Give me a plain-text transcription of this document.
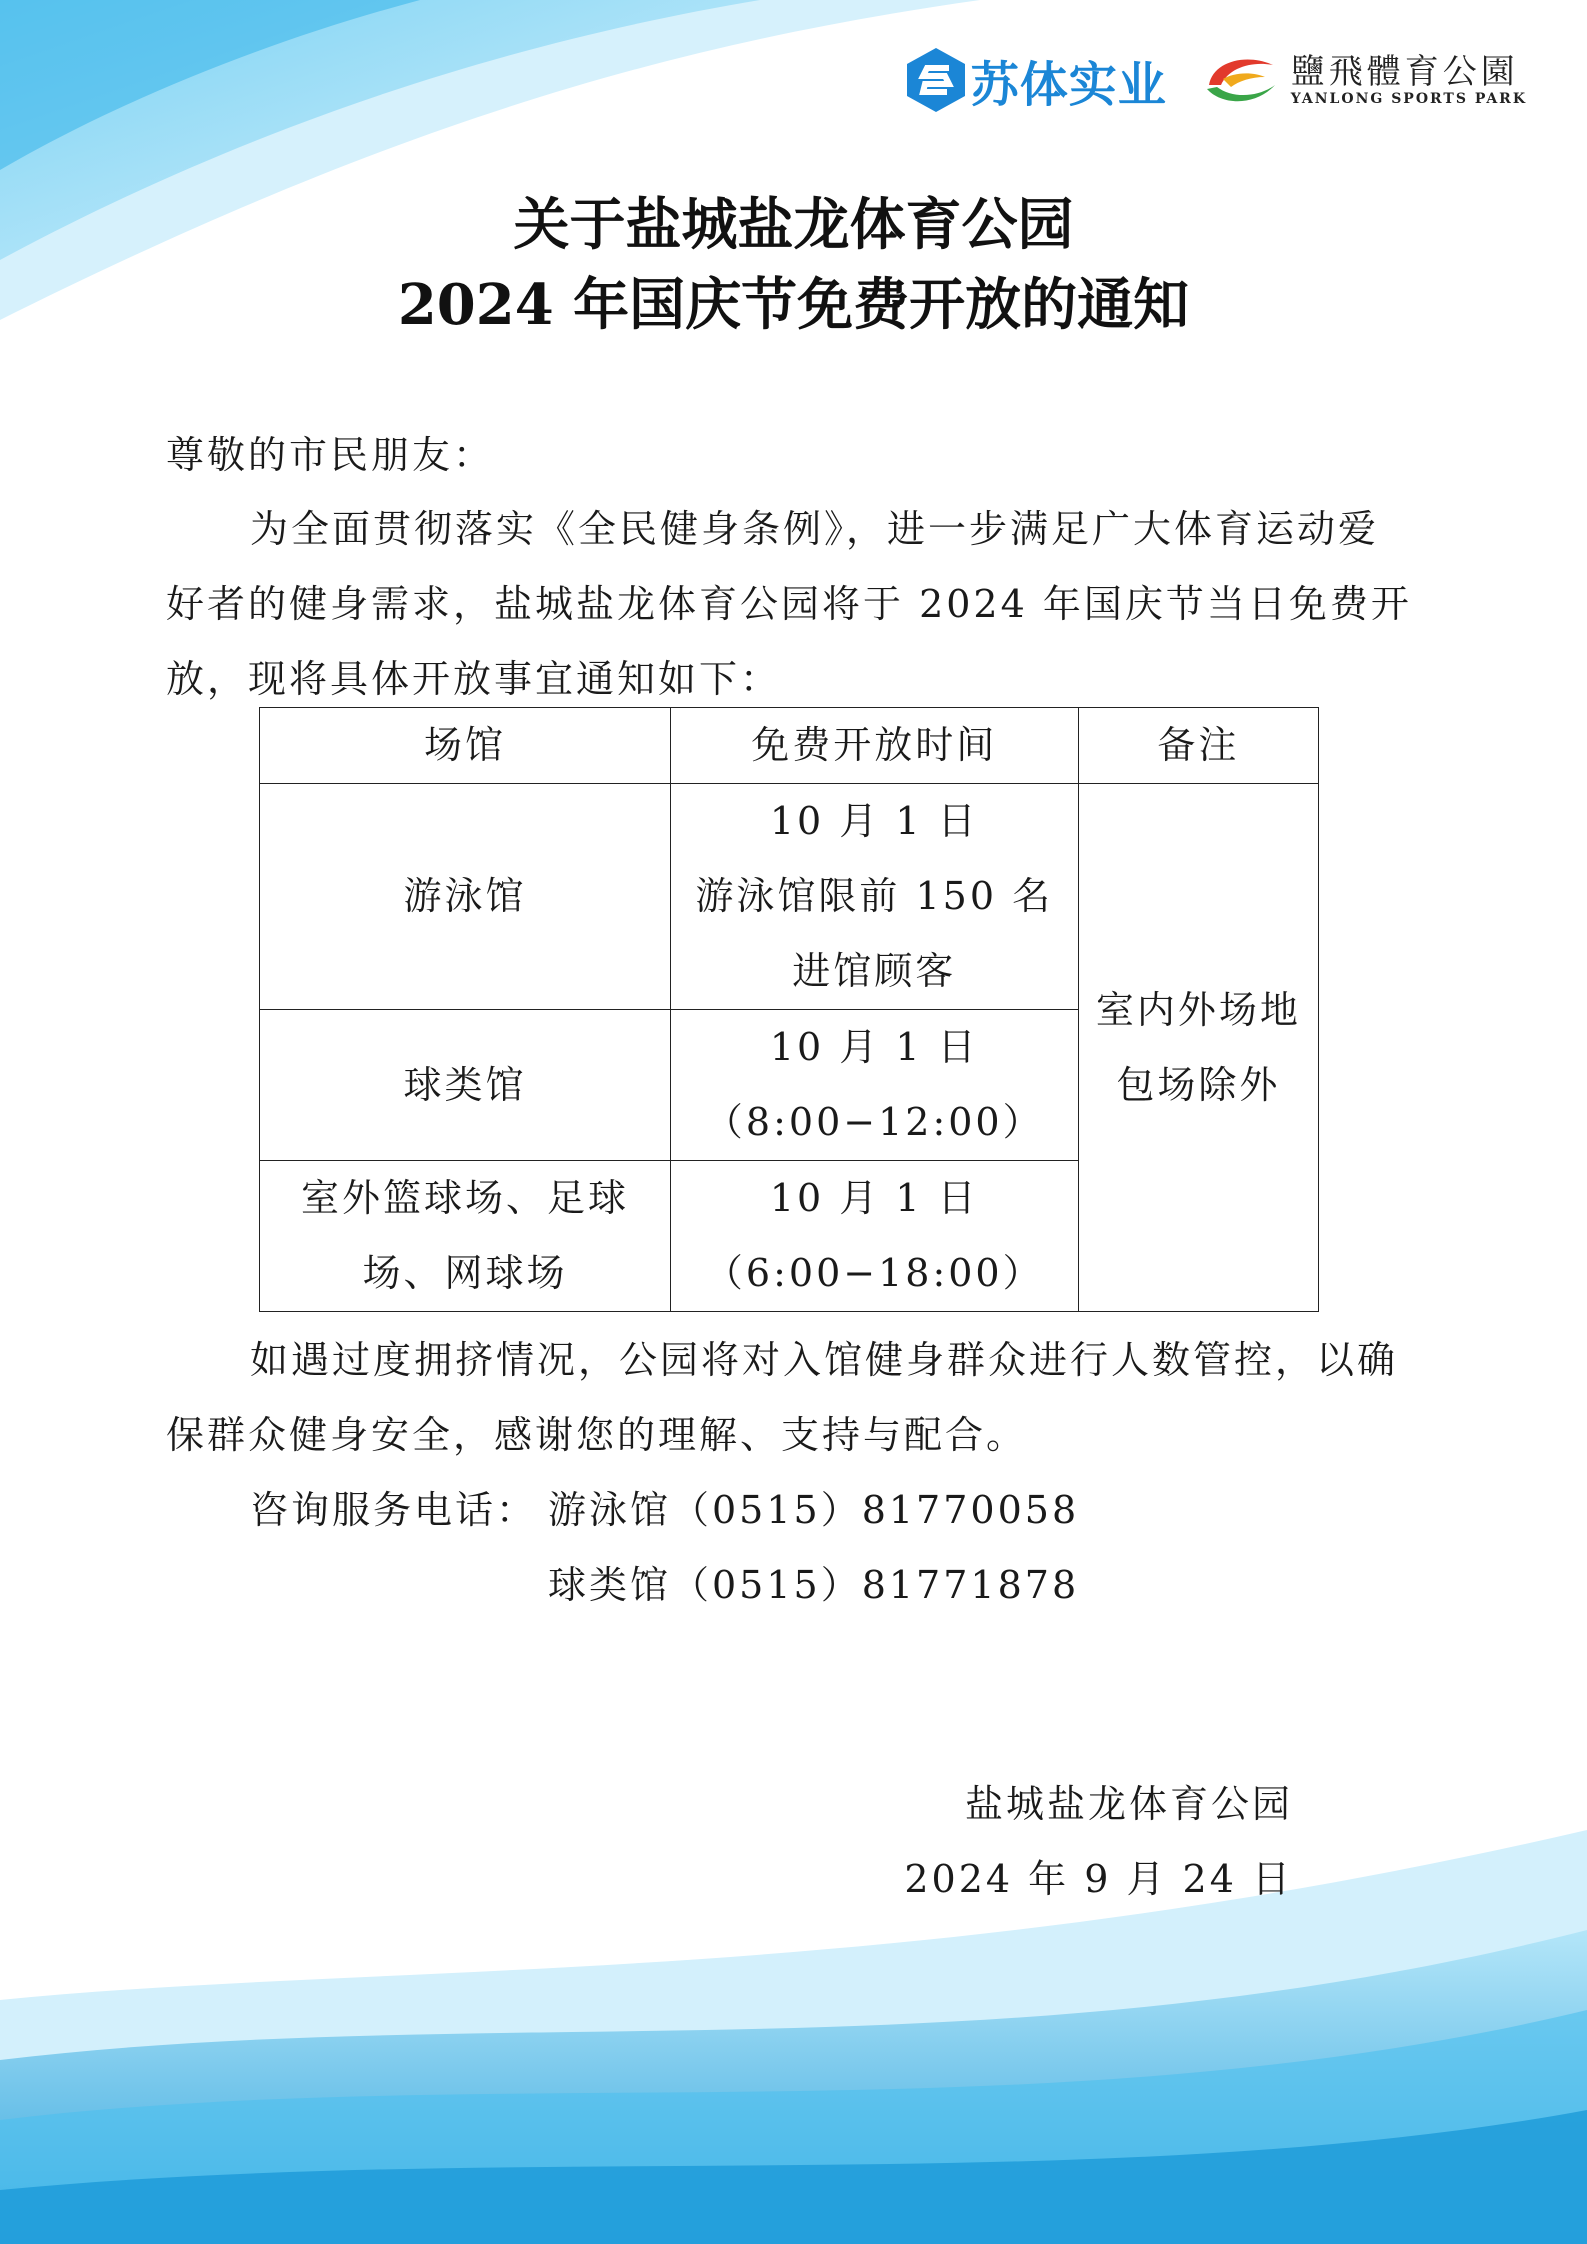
苏体实业	鹽飛體育公園
YANLONG SPORTS PARK
关于盐城盐龙体育公园
2024 年国庆节免费开放的通知
尊敬的市民朋友：
为全面贯彻落实《全民健身条例》，进一步满足广大体育运动爱好者的健身需求，盐城盐龙体育公园将于 2024 年国庆节当日免费开放，现将具体开放事宜通知如下：
场馆	免费开放时间	备注

游泳馆	10 月 1 日
游泳馆限前 150 名
进馆顾客	室内外场地
包场除外

球类馆	10 月 1 日
（8:00−12:00）	

室外篮球场、足球
场、网球场	10 月 1 日
（6:00−18:00）	
如遇过度拥挤情况，公园将对入馆健身群众进行人数管控，以确保群众健身安全，感谢您的理解、支持与配合。
咨询服务电话： 游泳馆（0515）81770058
球类馆（0515）81771878
盐城盐龙体育公园
2024 年 9 月 24 日
